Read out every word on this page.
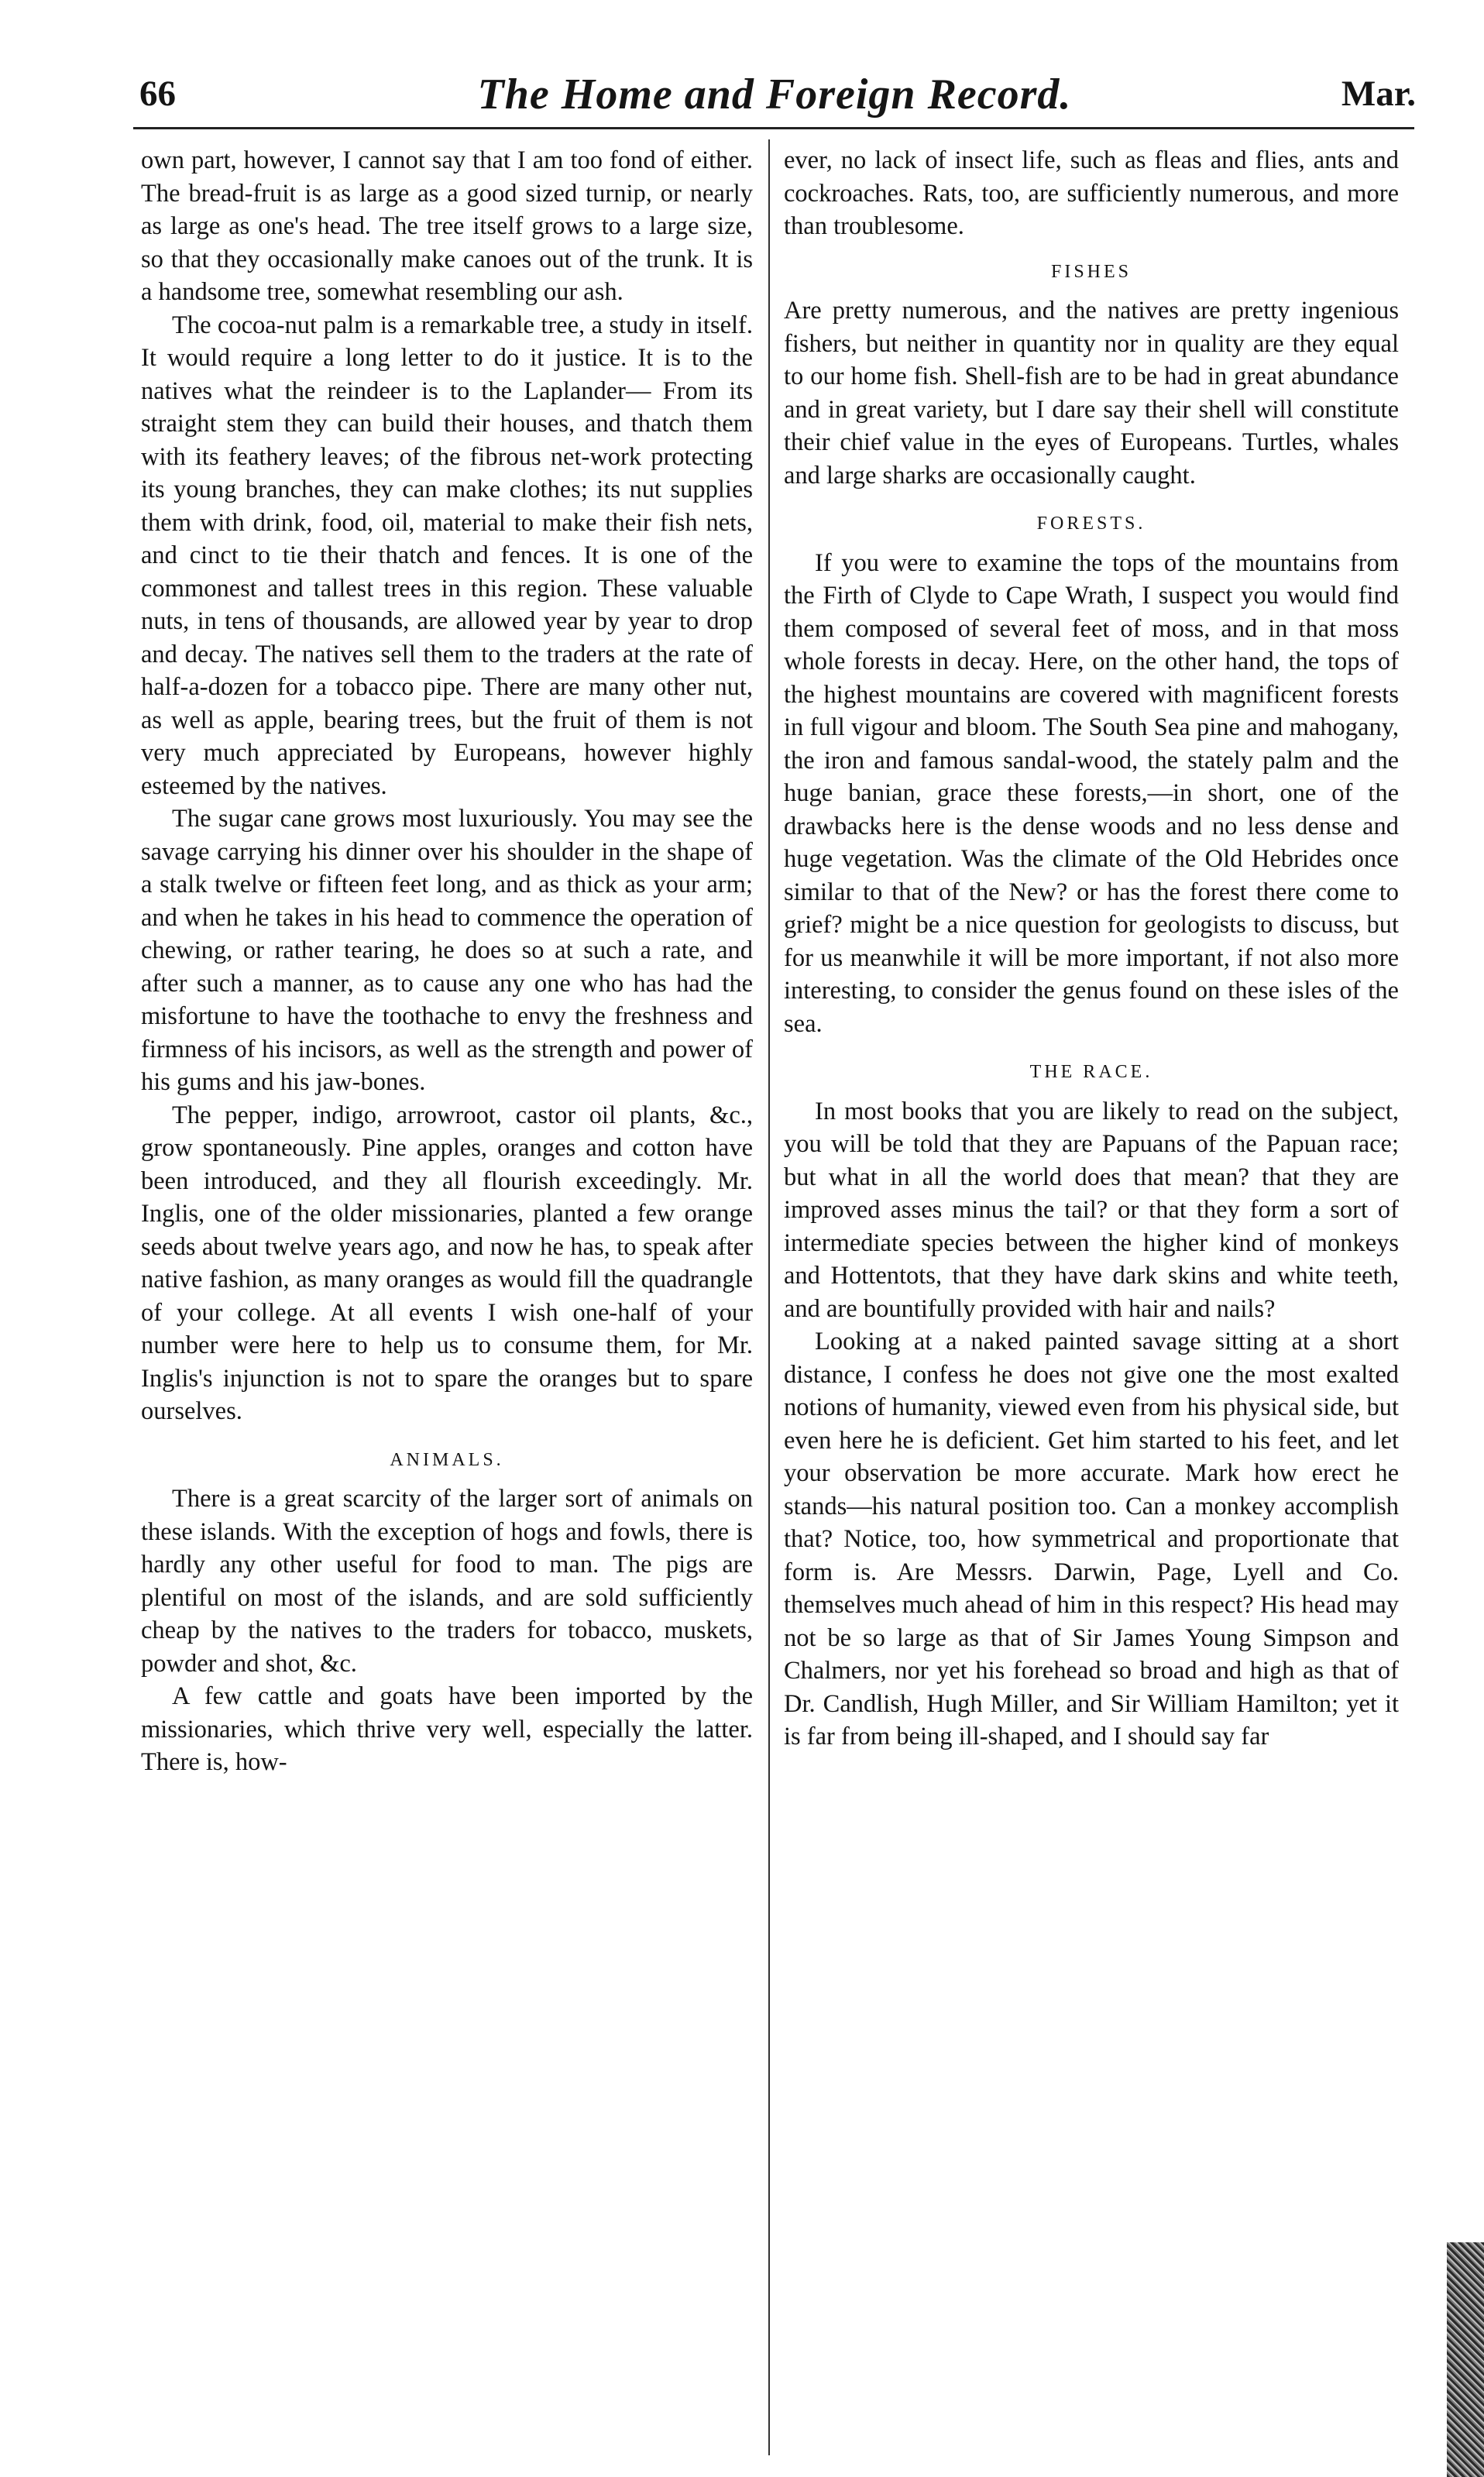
66	The Home and Foreign Record.	Mar.

own part, however, I cannot say that I am too fond of either. The bread-fruit is as large as a good sized turnip, or nearly as large as one's head. The tree itself grows to a large size, so that they occasionally make canoes out of the trunk. It is a handsome tree, somewhat resembling our ash.

The cocoa-nut palm is a remarkable tree, a study in itself. It would require a long letter to do it justice. It is to the natives what the reindeer is to the Laplander— From its straight stem they can build their houses, and thatch them with its feathery leaves; of the fibrous net-work protecting its young branches, they can make clothes; its nut supplies them with drink, food, oil, material to make their fish nets, and cinct to tie their thatch and fences. It is one of the commonest and tallest trees in this region. These valuable nuts, in tens of thousands, are allowed year by year to drop and decay. The natives sell them to the traders at the rate of half-a-dozen for a tobacco pipe. There are many other nut, as well as apple, bearing trees, but the fruit of them is not very much appreciated by Europeans, however highly esteemed by the natives.

The sugar cane grows most luxuriously. You may see the savage carrying his dinner over his shoulder in the shape of a stalk twelve or fifteen feet long, and as thick as your arm; and when he takes in his head to commence the operation of chewing, or rather tearing, he does so at such a rate, and after such a manner, as to cause any one who has had the misfortune to have the toothache to envy the freshness and firmness of his incisors, as well as the strength and power of his gums and his jaw-bones.

The pepper, indigo, arrowroot, castor oil plants, &c., grow spontaneously. Pine apples, oranges and cotton have been introduced, and they all flourish exceedingly. Mr. Inglis, one of the older missionaries, planted a few orange seeds about twelve years ago, and now he has, to speak after native fashion, as many oranges as would fill the quadrangle of your college. At all events I wish one-half of your number were here to help us to consume them, for Mr. Inglis's injunction is not to spare the oranges but to spare ourselves.

ANIMALS.

There is a great scarcity of the larger sort of animals on these islands. With the exception of hogs and fowls, there is hardly any other useful for food to man. The pigs are plentiful on most of the islands, and are sold sufficiently cheap by the natives to the traders for tobacco, muskets, powder and shot, &c.

A few cattle and goats have been imported by the missionaries, which thrive very well, especially the latter. There is, how-

ever, no lack of insect life, such as fleas and flies, ants and cockroaches. Rats, too, are sufficiently numerous, and more than troublesome.

FISHES

Are pretty numerous, and the natives are pretty ingenious fishers, but neither in quantity nor in quality are they equal to our home fish. Shell-fish are to be had in great abundance and in great variety, but I dare say their shell will constitute their chief value in the eyes of Europeans. Turtles, whales and large sharks are occasionally caught.

FORESTS.

If you were to examine the tops of the mountains from the Firth of Clyde to Cape Wrath, I suspect you would find them composed of several feet of moss, and in that moss whole forests in decay. Here, on the other hand, the tops of the highest mountains are covered with magnificent forests in full vigour and bloom. The South Sea pine and mahogany, the iron and famous sandal-wood, the stately palm and the huge banian, grace these forests,—in short, one of the drawbacks here is the dense woods and no less dense and huge vegetation. Was the climate of the Old Hebrides once similar to that of the New? or has the forest there come to grief? might be a nice question for geologists to discuss, but for us meanwhile it will be more important, if not also more interesting, to consider the genus found on these isles of the sea.

THE RACE.

In most books that you are likely to read on the subject, you will be told that they are Papuans of the Papuan race; but what in all the world does that mean? that they are improved asses minus the tail? or that they form a sort of intermediate species between the higher kind of monkeys and Hottentots, that they have dark skins and white teeth, and are bountifully provided with hair and nails?

Looking at a naked painted savage sitting at a short distance, I confess he does not give one the most exalted notions of humanity, viewed even from his physical side, but even here he is deficient. Get him started to his feet, and let your observation be more accurate. Mark how erect he stands—his natural position too. Can a monkey accomplish that? Notice, too, how symmetrical and proportionate that form is. Are Messrs. Darwin, Page, Lyell and Co. themselves much ahead of him in this respect? His head may not be so large as that of Sir James Young Simpson and Chalmers, nor yet his forehead so broad and high as that of Dr. Candlish, Hugh Miller, and Sir William Hamilton; yet it is far from being ill-shaped, and I should say far
